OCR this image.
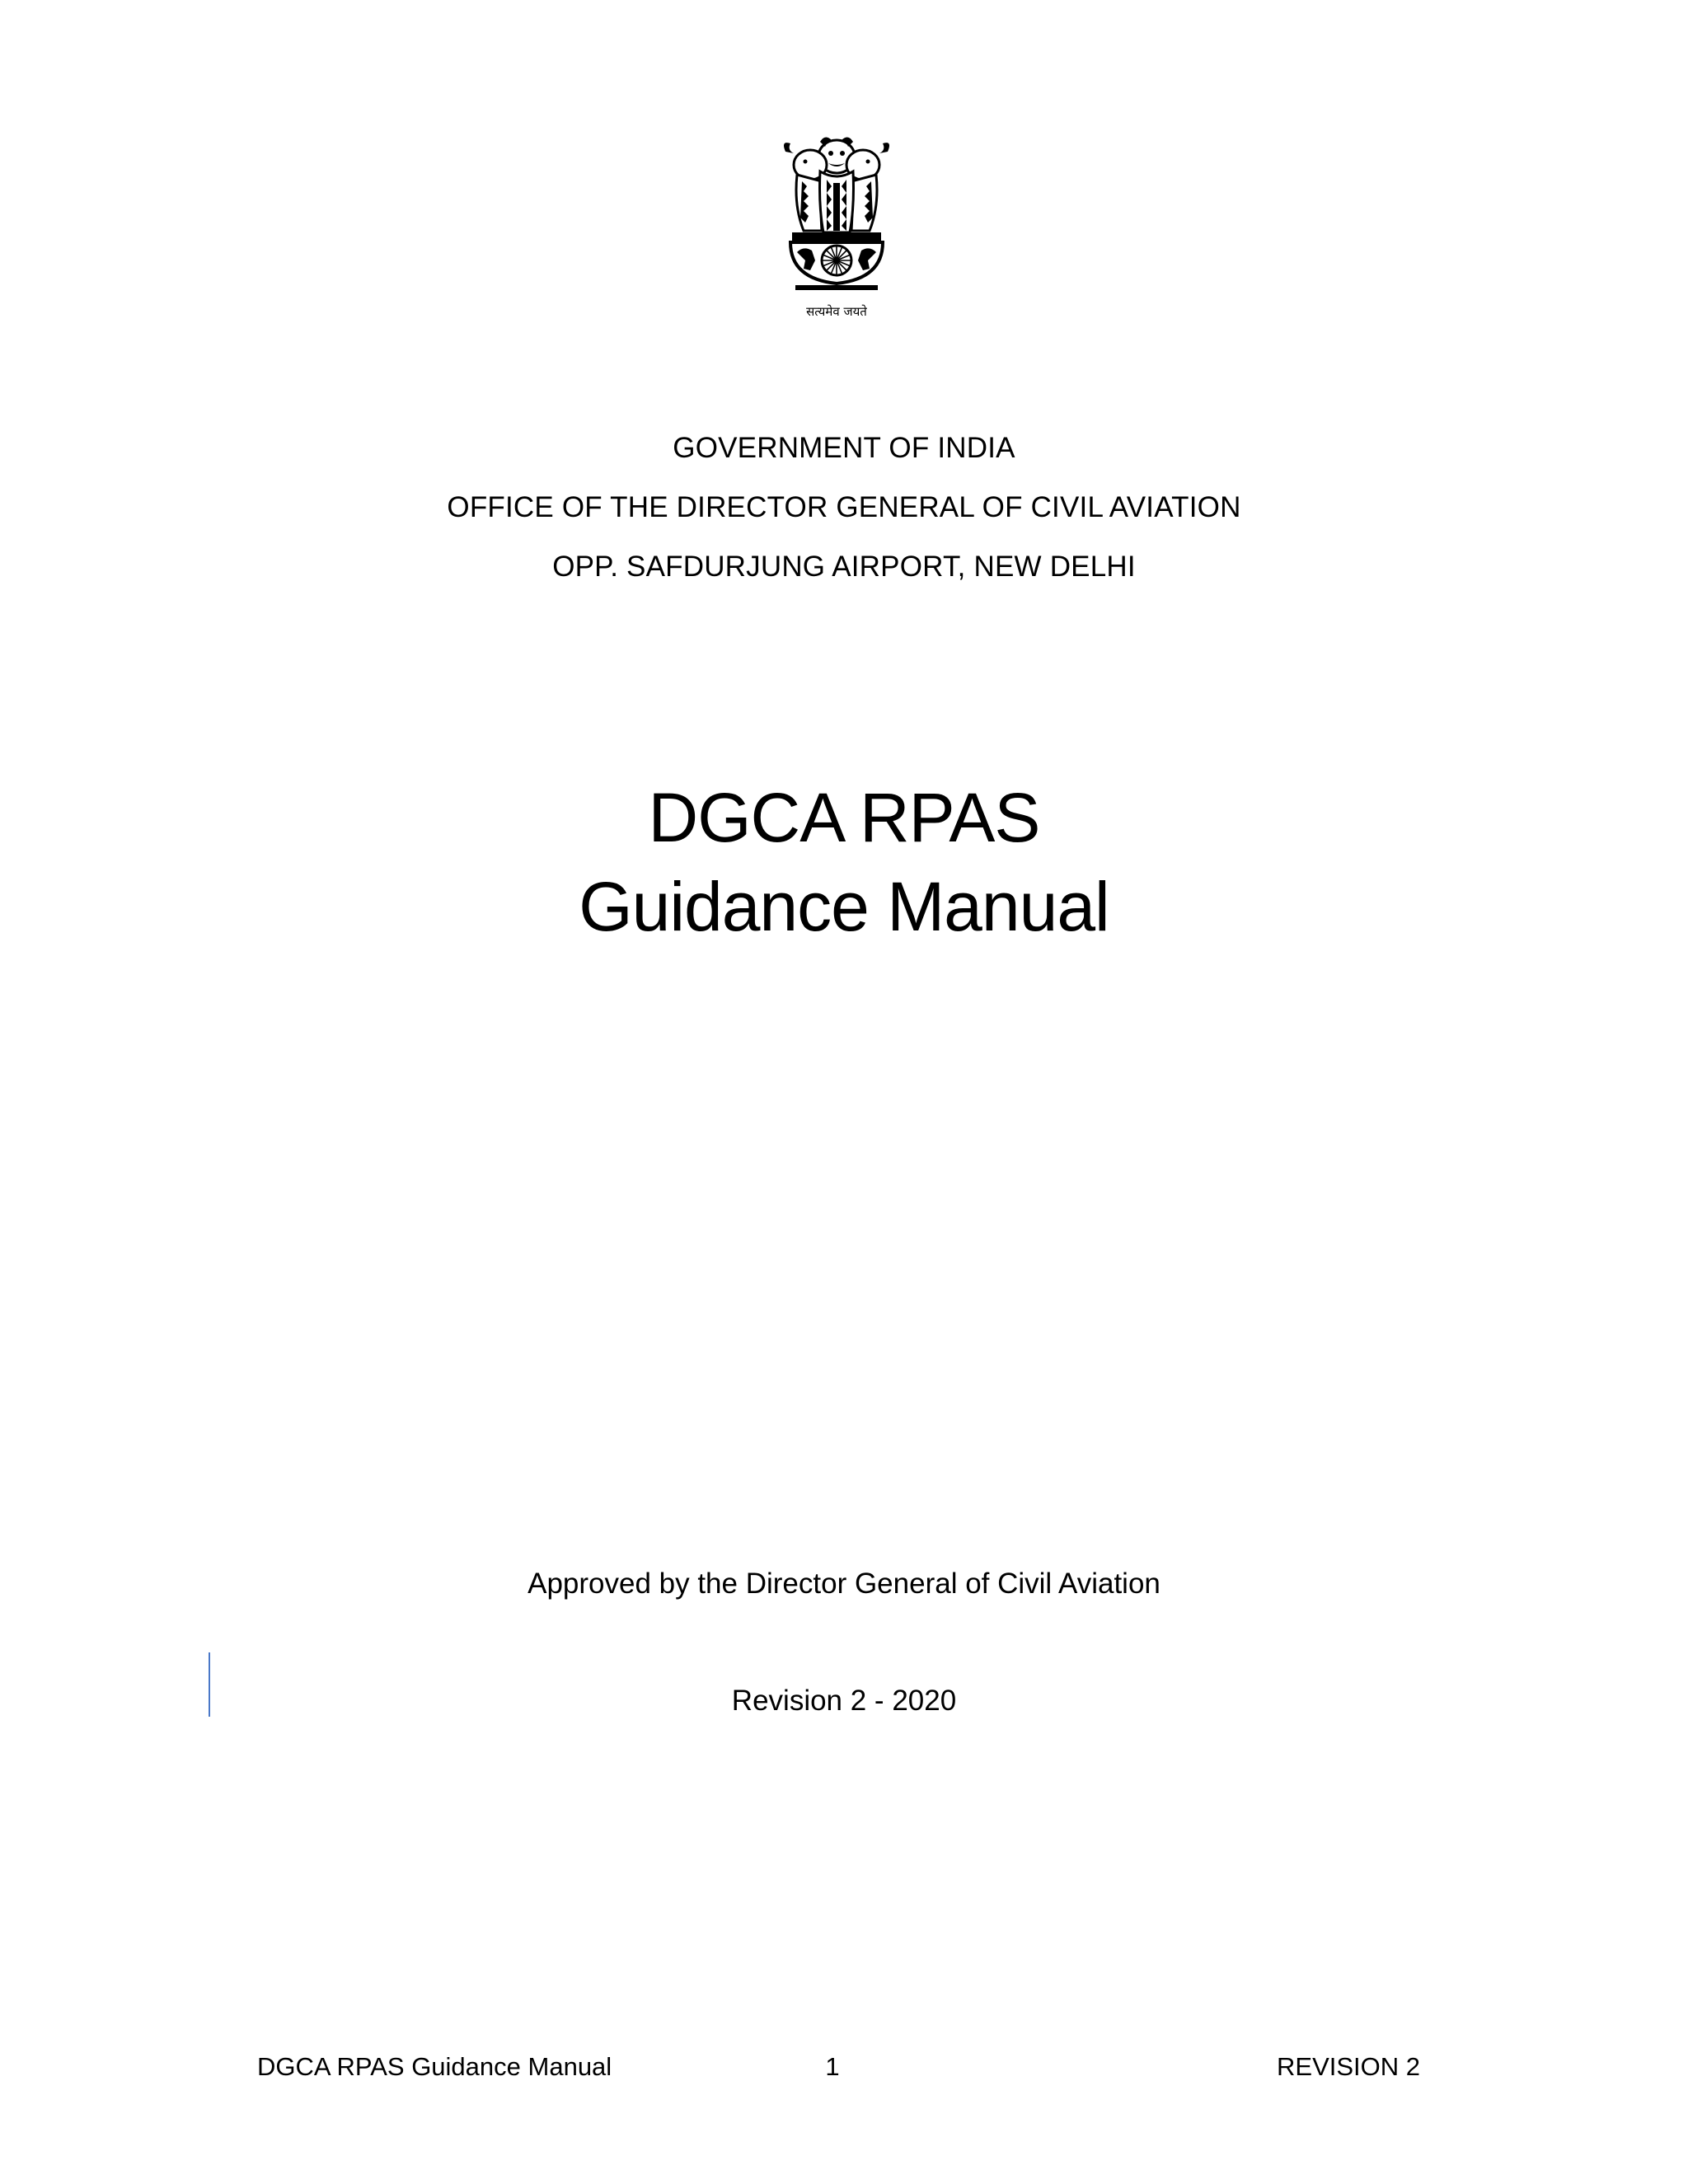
सत्यमेव जयते

GOVERNMENT OF INDIA

OFFICE OF THE DIRECTOR GENERAL OF CIVIL AVIATION

OPP. SAFDURJUNG AIRPORT, NEW DELHI

DGCA RPAS

Guidance Manual

Approved by the Director General of Civil Aviation
Revision 2 - 2020
DGCA RPAS Guidance Manual	1	REVISION 2
